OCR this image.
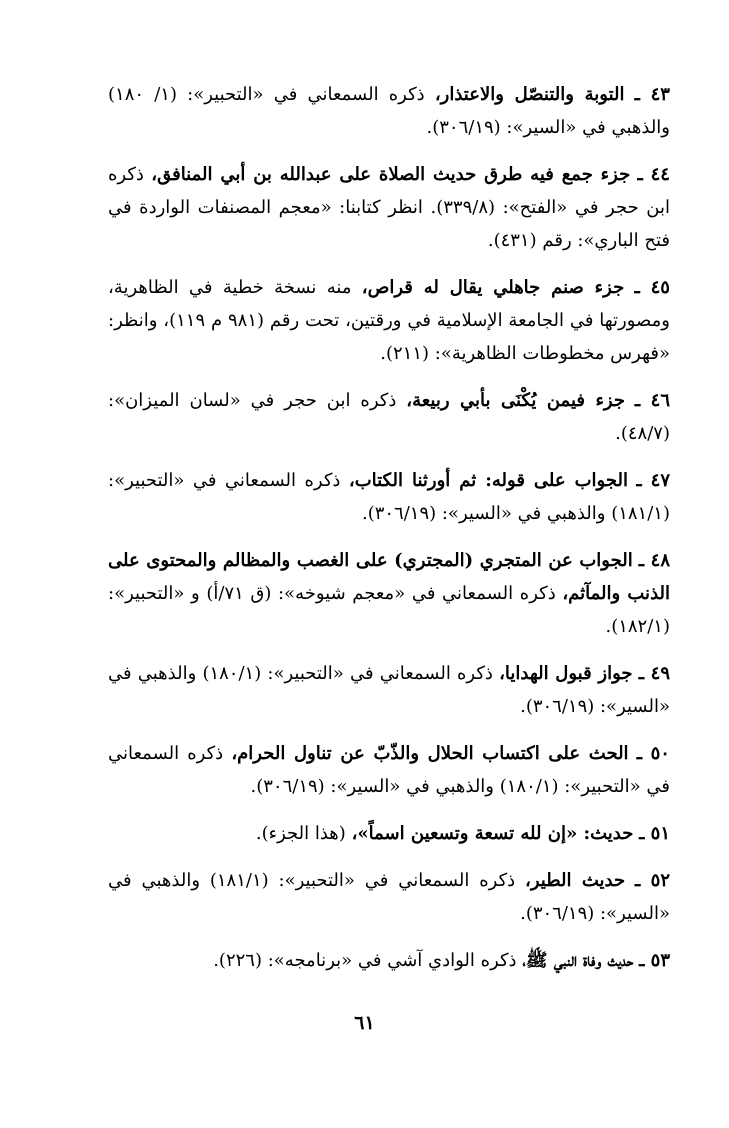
٤٣ ـ التوبة والتنصّل والاعتذار، ذكره السمعاني في «التحبير»: (١/ ١٨٠) والذهبي في «السير»: (٣٠٦/١٩).
٤٤ ـ جزء جمع فيه طرق حديث الصلاة على عبدالله بن أبي المنافق، ذكره ابن حجر في «الفتح»: (٣٣٩/٨). انظر كتابنا: «معجم المصنفات الواردة في فتح الباري»: رقم (٤٣١).
٤٥ ـ جزء صنم جاهلي يقال له قراص، منه نسخة خطية في الظاهرية، ومصورتها في الجامعة الإسلامية في ورقتين، تحت رقم (٩٨١ م ١١٩)، وانظر: «فهرس مخطوطات الظاهرية»: (٢١١).
٤٦ ـ جزء فيمن يُكْنَى بأبي ربيعة، ذكره ابن حجر في «لسان الميزان»: (٤٨/٧).
٤٧ ـ الجواب على قوله: ثم أورثنا الكتاب، ذكره السمعاني في «التحبير»: (١٨١/١) والذهبي في «السير»: (٣٠٦/١٩).
٤٨ ـ الجواب عن المتجري (المجتري) على الغصب والمظالم والمحتوى على الذنب والمآثم، ذكره السمعاني في «معجم شيوخه»: (ق ٧١/أ) و «التحبير»: (١٨٢/١).
٤٩ ـ جواز قبول الهدايا، ذكره السمعاني في «التحبير»: (١٨٠/١) والذهبي في «السير»: (٣٠٦/١٩).
٥٠ ـ الحث على اكتساب الحلال والذّبّ عن تناول الحرام، ذكره السمعاني في «التحبير»: (١٨٠/١) والذهبي في «السير»: (٣٠٦/١٩).
٥١ ـ حديث: «إن لله تسعة وتسعين اسماً»، (هذا الجزء).
٥٢ ـ حديث الطير، ذكره السمعاني في «التحبير»: (١٨١/١) والذهبي في «السير»: (٣٠٦/١٩).
٥٣ ـ حديث وفاة النبي ﷺ، ذكره الوادي آشي في «برنامجه»: (٢٢٦).
٦١
